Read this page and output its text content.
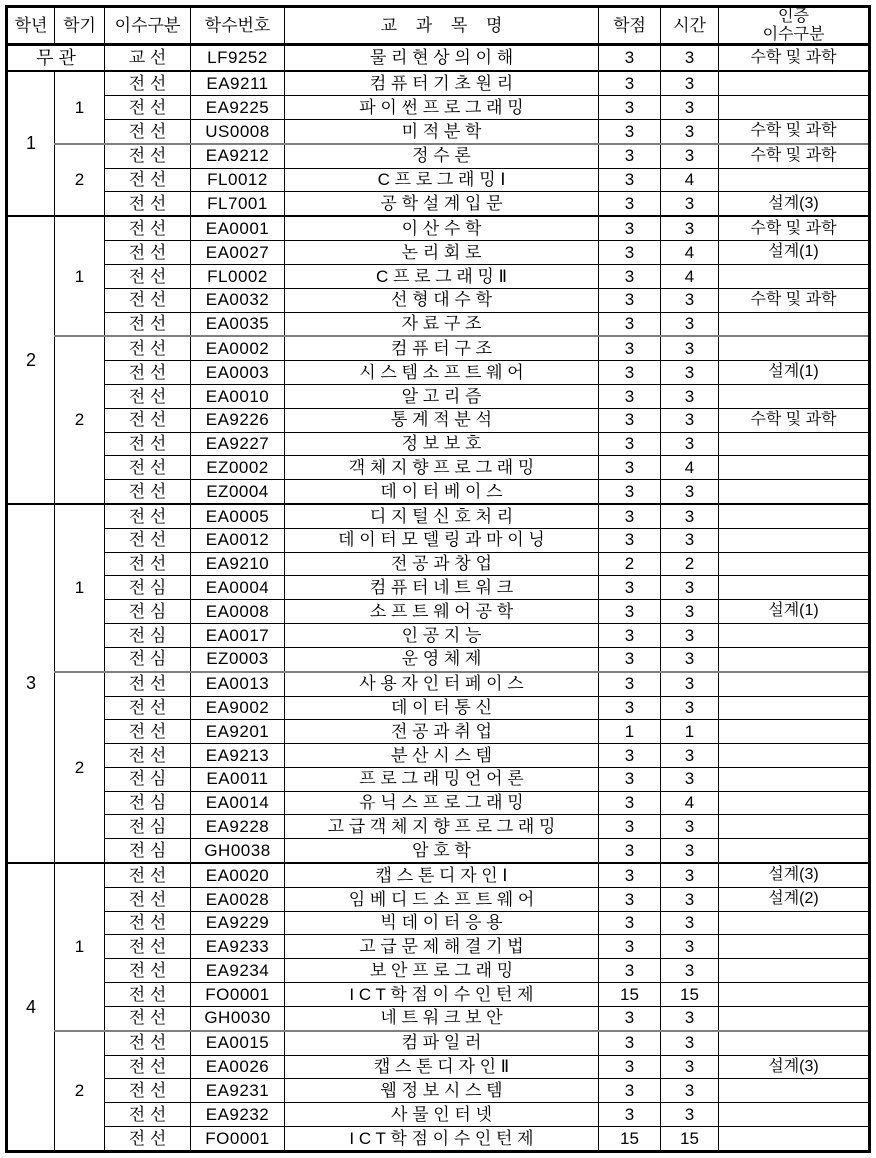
학년	학기	이수구분	학수번호	교 과 목 명	학점	시간	인증
이수구분

무 관		교 선	LF9252	물 리 현 상 의 이 해	3	3	수학 및 과학
1	1	전 선	EA9211	컴 퓨 터 기 초 원 리	3	3	
		전 선	EA9225	파 이 썬 프 로 그 래 밍	3	3	
		전 선	US0008	미 적 분 학	3	3	수학 및 과학
	2	전 선	EA9212	정 수 론	3	3	수학 및 과학
		전 선	FL0012	C 프 로 그 래 밍 Ⅰ	3	4	
		전 선	FL7001	공 학 설 계 입 문	3	3	설계(3)
2	1	전 선	EA0001	이 산 수 학	3	3	수학 및 과학
		전 선	EA0027	논 리 회 로	3	4	설계(1)
		전 선	FL0002	C 프 로 그 래 밍 Ⅱ	3	4	
		전 선	EA0032	선 형 대 수 학	3	3	수학 및 과학
		전 선	EA0035	자 료 구 조	3	3	
	2	전 선	EA0002	컴 퓨 터 구 조	3	3	
		전 선	EA0003	시 스 템 소 프 트 웨 어	3	3	설계(1)
		전 선	EA0010	알 고 리 즘	3	3	
		전 선	EA9226	통 계 적 분 석	3	3	수학 및 과학
		전 선	EA9227	정 보 보 호	3	3	
		전 선	EZ0002	객 체 지 향 프 로 그 래 밍	3	4	
		전 선	EZ0004	데 이 터 베 이 스	3	3	
3	1	전 선	EA0005	디 지 털 신 호 처 리	3	3	
		전 선	EA0012	데 이 터 모 델 링 과 마 이 닝	3	3	
		전 선	EA9210	전 공 과 창 업	2	2	
		전 심	EA0004	컴 퓨 터 네 트 워 크	3	3	
		전 심	EA0008	소 프 트 웨 어 공 학	3	3	설계(1)
		전 심	EA0017	인 공 지 능	3	3	
		전 심	EZ0003	운 영 체 제	3	3	
	2	전 선	EA0013	사 용 자 인 터 페 이 스	3	3	
		전 선	EA9002	데 이 터 통 신	3	3	
		전 선	EA9201	전 공 과 취 업	1	1	
		전 선	EA9213	분 산 시 스 템	3	3	
		전 심	EA0011	프 로 그 래 밍 언 어 론	3	3	
		전 심	EA0014	유 닉 스 프 로 그 래 밍	3	4	
		전 심	EA9228	고 급 객 체 지 향 프 로 그 래 밍	3	3	
		전 심	GH0038	암 호 학	3	3	
4	1	전 선	EA0020	캡 스 톤 디 자 인 Ⅰ	3	3	설계(3)
		전 선	EA0028	임 베 디 드 소 프 트 웨 어	3	3	설계(2)
		전 선	EA9229	빅 데 이 터 응 용	3	3	
		전 선	EA9233	고 급 문 제 해 결 기 법	3	3	
		전 선	EA9234	보 안 프 로 그 래 밍	3	3	
		전 선	FO0001	I C T 학 점 이 수 인 턴 제	15	15	
		전 선	GH0030	네 트 워 크 보 안	3	3	
	2	전 선	EA0015	컴 파 일 러	3	3	
		전 선	EA0026	캡 스 톤 디 자 인 Ⅱ	3	3	설계(3)
		전 선	EA9231	웹 정 보 시 스 템	3	3	
		전 선	EA9232	사 물 인 터 넷	3	3	
		전 선	FO0001	I C T 학 점 이 수 인 턴 제	15	15	
